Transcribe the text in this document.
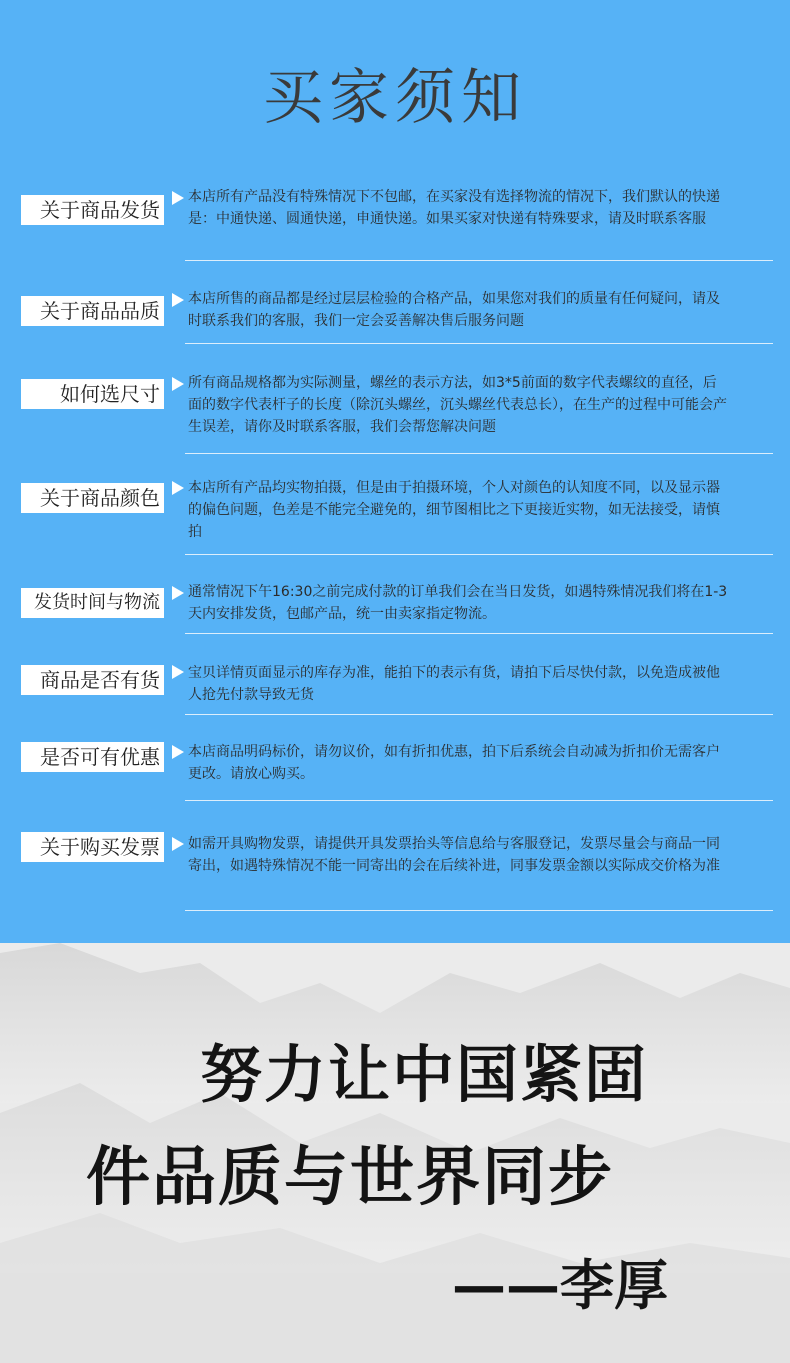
买家须知
关于商品发货
本店所有产品没有特殊情况下不包邮，在买家没有选择物流的情况下，我们默认的快递是：中通快递、圆通快递，申通快递。如果买家对快递有特殊要求，请及时联系客服
关于商品品质 本店所售的商品都是经过层层检验的合格产品，如果您对我们的质量有任何疑问，请及时联系我们的客服，我们一定会妥善解决售后服务问题
如何选尺寸 所有商品规格都为实际测量，螺丝的表示方法，如3*5前面的数字代表螺纹的直径，后面的数字代表杆子的长度（除沉头螺丝，沉头螺丝代表总长），在生产的过程中可能会产生误差，请你及时联系客服，我们会帮您解决问题
关于商品颜色 本店所有产品均实物拍摄，但是由于拍摄环境，个人对颜色的认知度不同，以及显示器的偏色问题，色差是不能完全避免的，细节图相比之下更接近实物，如无法接受，请慎拍
发货时间与物流 通常情况下午16:30之前完成付款的订单我们会在当日发货，如遇特殊情况我们将在1-3天内安排发货，包邮产品，统一由卖家指定物流。
商品是否有货 宝贝详情页面显示的库存为准，能拍下的表示有货，请拍下后尽快付款，以免造成被他人抢先付款导致无货
是否可有优惠 本店商品明码标价，请勿议价，如有折扣优惠，拍下后系统会自动减为折扣价无需客户更改。请放心购买。
关于购买发票 如需开具购物发票，请提供开具发票抬头等信息给与客服登记，发票尽量会与商品一同寄出，如遇特殊情况不能一同寄出的会在后续补进，同事发票金额以实际成交价格为准
努力让中国紧固
件品质与世界同步
——李厚
